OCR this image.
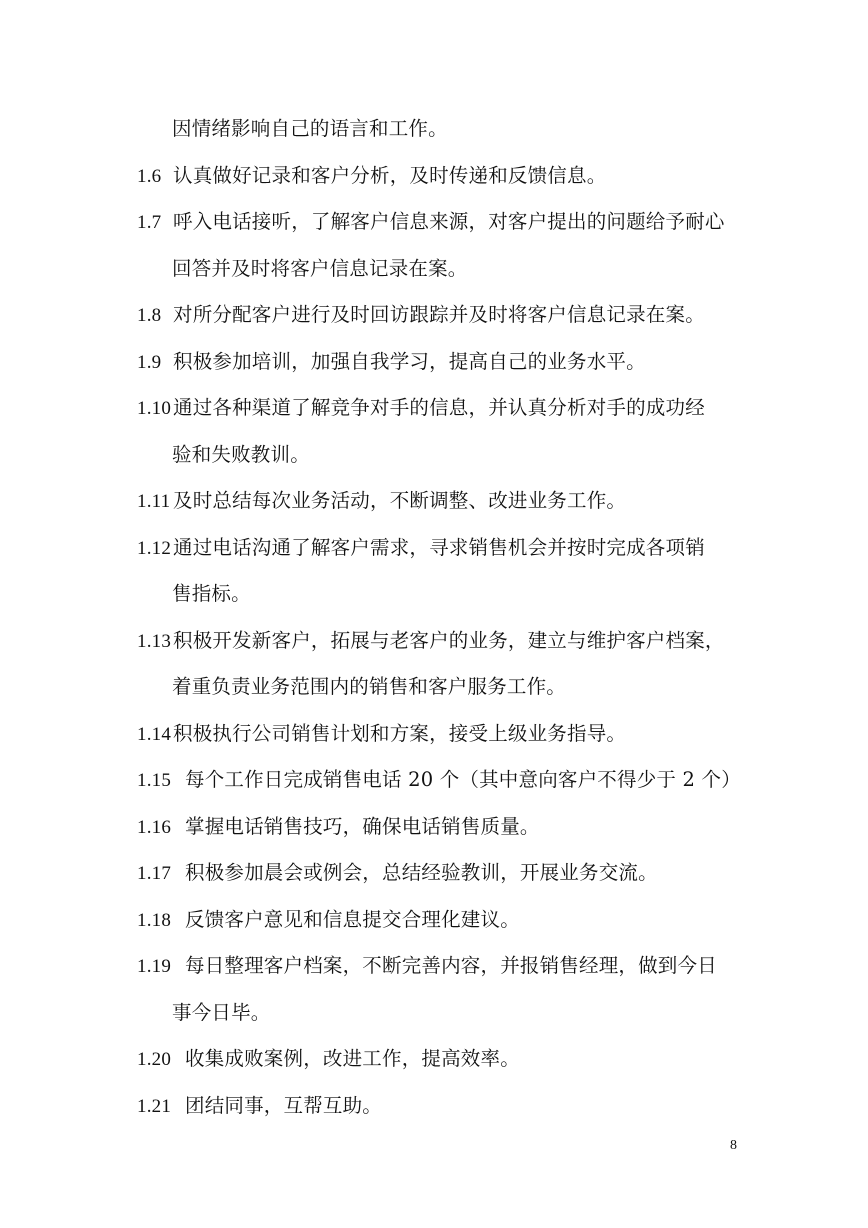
因情绪影响自己的语言和工作。
1.6 认真做好记录和客户分析，及时传递和反馈信息。
1.7 呼入电话接听，了解客户信息来源，对客户提出的问题给予耐心
回答并及时将客户信息记录在案。
1.8 对所分配客户进行及时回访跟踪并及时将客户信息记录在案。
1.9 积极参加培训，加强自我学习，提高自己的业务水平。
1.10通过各种渠道了解竞争对手的信息，并认真分析对手的成功经
验和失败教训。
1.11 及时总结每次业务活动，不断调整、改进业务工作。
1.12通过电话沟通了解客户需求，寻求销售机会并按时完成各项销
售指标。
1.13积极开发新客户，拓展与老客户的业务，建立与维护客户档案，
着重负责业务范围内的销售和客户服务工作。
1.14积极执行公司销售计划和方案，接受上级业务指导。
1.15 每个工作日完成销售电话 20 个（其中意向客户不得少于 2 个）
1.16 掌握电话销售技巧，确保电话销售质量。
1.17 积极参加晨会或例会，总结经验教训，开展业务交流。
1.18 反馈客户意见和信息提交合理化建议。
1.19 每日整理客户档案，不断完善内容，并报销售经理，做到今日
事今日毕。
1.20 收集成败案例，改进工作，提高效率。
1.21 团结同事，互帮互助。
8
